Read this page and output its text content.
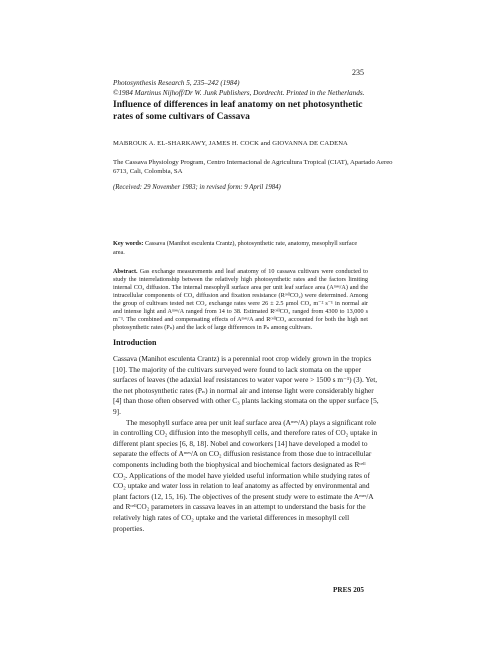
235
Photosynthesis Research 5, 235–242 (1984)
©1984 Martinus Nijhoff/Dr W. Junk Publishers, Dordrecht. Printed in the Netherlands.
Influence of differences in leaf anatomy on net photosynthetic rates of some cultivars of Cassava
MABROUK A. EL-SHARKAWY, JAMES H. COCK and GIOVANNA DE CADENA
The Cassava Physiology Program, Centro Internacional de Agricultura Tropical (CIAT), Apartado Aereo 6713, Cali, Colombia, SA
(Received: 29 November 1983; in revised form: 9 April 1984)
Key words: Cassava (Manihot esculenta Crantz), photosynthetic rate, anatomy, mesophyll surface area.
Abstract. Gas exchange measurements and leaf anatomy of 10 cassava cultivars were conducted to study the interrelationship between the relatively high photosynthetic rates and the factors limiting internal CO₂ diffusion. The internal mesophyll surface area per unit leaf surface area (Aᵐᵉˢ/A) and the intracellular components of CO₂ diffusion and fixation resistance (RᶜᵉˡˡCO₂) were determined. Among the group of cultivars tested net CO₂ exchange rates were 26 ± 2.5 μmol CO₂ m⁻² s⁻¹ in normal air and intense light and Aᵐᵉˢ/A ranged from 14 to 38. Estimated RᶜᵉˡˡCO₂ ranged from 4300 to 13,000 s m⁻¹. The combined and compensating effects of Aᵐᵉˢ/A and RᶜᵉˡˡCO₂ accounted for both the high net photosynthetic rates (Pₙ) and the lack of large differences in Pₙ among cultivars.
Introduction

Cassava (Manihot esculenta Crantz) is a perennial root crop widely grown in the tropics [10]. The majority of the cultivars surveyed were found to lack stomata on the upper surfaces of leaves (the adaxial leaf resistances to water vapor were > 1500 s m⁻¹) (3). Yet, the net photosynthetic rates (Pₙ) in normal air and intense light were considerably higher [4] than those often observed with other C₃ plants lacking stomata on the upper surface [5, 9].

The mesophyll surface area per unit leaf surface area (Aᵐᵉˢ/A) plays a significant role in controlling CO₂ diffusion into the mesophyll cells, and therefore rates of CO₂ uptake in different plant species [6, 8, 18]. Nobel and coworkers [14] have developed a model to separate the effects of Aᵐᵉˢ/A on CO₂ diffusion resistance from those due to intracellular components including both the biophysical and biochemical factors designated as Rᶜᵉˡˡ CO₂. Applications of the model have yielded useful information while studying rates of CO₂ uptake and water loss in relation to leaf anatomy as affected by environmental and plant factors (12, 15, 16). The objectives of the present study were to estimate the Aᵐᵉˢ/A and RᶜᵉˡˡCO₂ parameters in cassava leaves in an attempt to understand the basis for the relatively high rates of CO₂ uptake and the varietal differences in mesophyll cell properties.

PRES 205
